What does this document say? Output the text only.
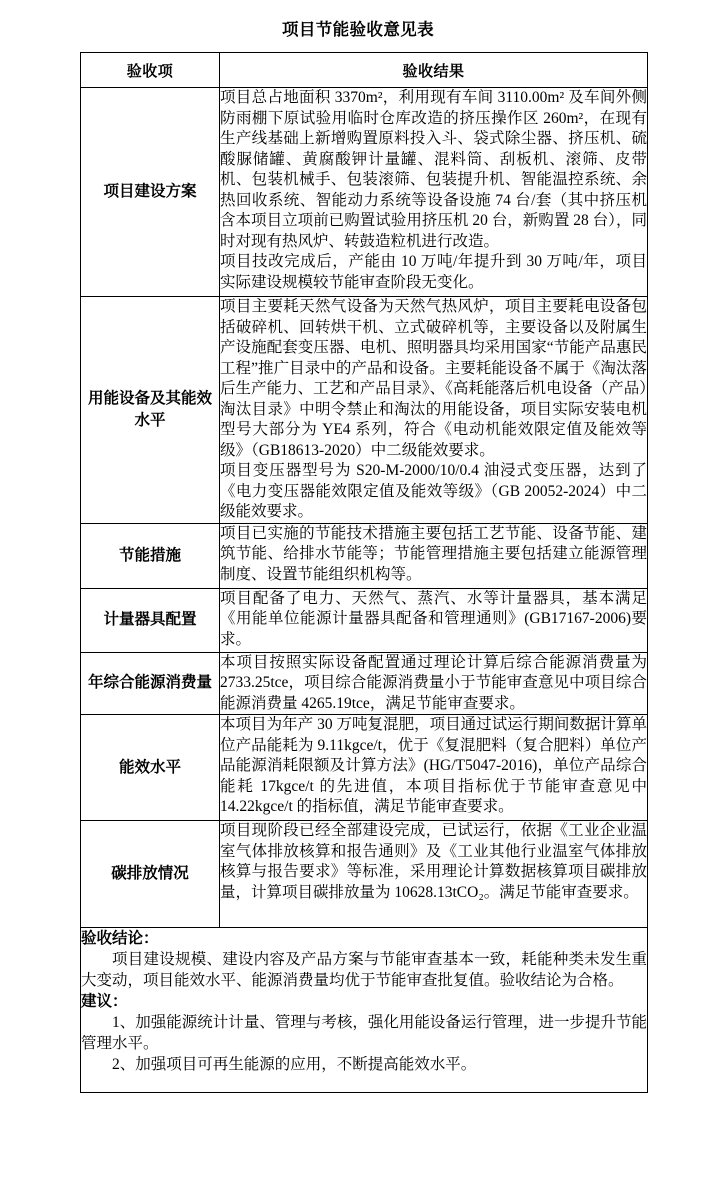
项目节能验收意见表
验收项	验收结果
项目建设方案	项目总占地面积 3370m²，利用现有车间 3110.00m² 及车间外侧防雨棚下原试验用临时仓库改造的挤压操作区 260m²，在现有生产线基础上新增购置原料投入斗、袋式除尘器、挤压机、硫酸脲储罐、黄腐酸钾计量罐、混料筒、刮板机、滚筛、皮带机、包装机械手、包装滚筛、包装提升机、智能温控系统、余热回收系统、智能动力系统等设备设施 74 台/套（其中挤压机含本项目立项前已购置试验用挤压机 20 台，新购置 28 台），同时对现有热风炉、转鼓造粒机进行改造。

项目技改完成后，产能由 10 万吨/年提升到 30 万吨/年，项目实际建设规模较节能审查阶段无变化。

用能设备及其能效水平	项目主要耗天然气设备为天然气热风炉，项目主要耗电设备包括破碎机、回转烘干机、立式破碎机等，主要设备以及附属生产设施配套变压器、电机、照明器具均采用国家“节能产品惠民工程”推广目录中的产品和设备。主要耗能设备不属于《淘汰落后生产能力、工艺和产品目录》、《高耗能落后机电设备（产品）淘汰目录》中明令禁止和淘汰的用能设备，项目实际安装电机型号大部分为 YE4 系列，符合《电动机能效限定值及能效等级》（GB18613-2020）中二级能效要求。

项目变压器型号为 S20-M-2000/10/0.4 油浸式变压器，达到了《电力变压器能效限定值及能效等级》（GB 20052-2024）中二级能效要求。

节能措施	项目已实施的节能技术措施主要包括工艺节能、设备节能、建筑节能、给排水节能等；节能管理措施主要包括建立能源管理制度、设置节能组织机构等。

计量器具配置	项目配备了电力、天然气、蒸汽、水等计量器具，基本满足《用能单位能源计量器具配备和管理通则》(GB17167-2006)要求。

年综合能源消费量	本项目按照实际设备配置通过理论计算后综合能源消费量为 2733.25tce，项目综合能源消费量小于节能审查意见中项目综合能源消费量 4265.19tce，满足节能审查要求。

能效水平	本项目为年产 30 万吨复混肥，项目通过试运行期间数据计算单位产品能耗为 9.11kgce/t，优于《复混肥料（复合肥料）单位产品能源消耗限额及计算方法》(HG/T5047-2016)，单位产品综合能耗 17kgce/t 的先进值，本项目指标优于节能审查意见中 14.22kgce/t 的指标值，满足节能审查要求。

碳排放情况	项目现阶段已经全部建设完成，已试运行，依据《工业企业温室气体排放核算和报告通则》及《工业其他行业温室气体排放核算与报告要求》等标准，采用理论计算数据核算项目碳排放量，计算项目碳排放量为 10628.13tCO₂。满足节能审查要求。

验收结论：

项目建设规模、建设内容及产品方案与节能审查基本一致，耗能种类未发生重大变动，项目能效水平、能源消费量均优于节能审查批复值。验收结论为合格。

建议：

1、加强能源统计计量、管理与考核，强化用能设备运行管理，进一步提升节能管理水平。

2、加强项目可再生能源的应用，不断提高能效水平。	
